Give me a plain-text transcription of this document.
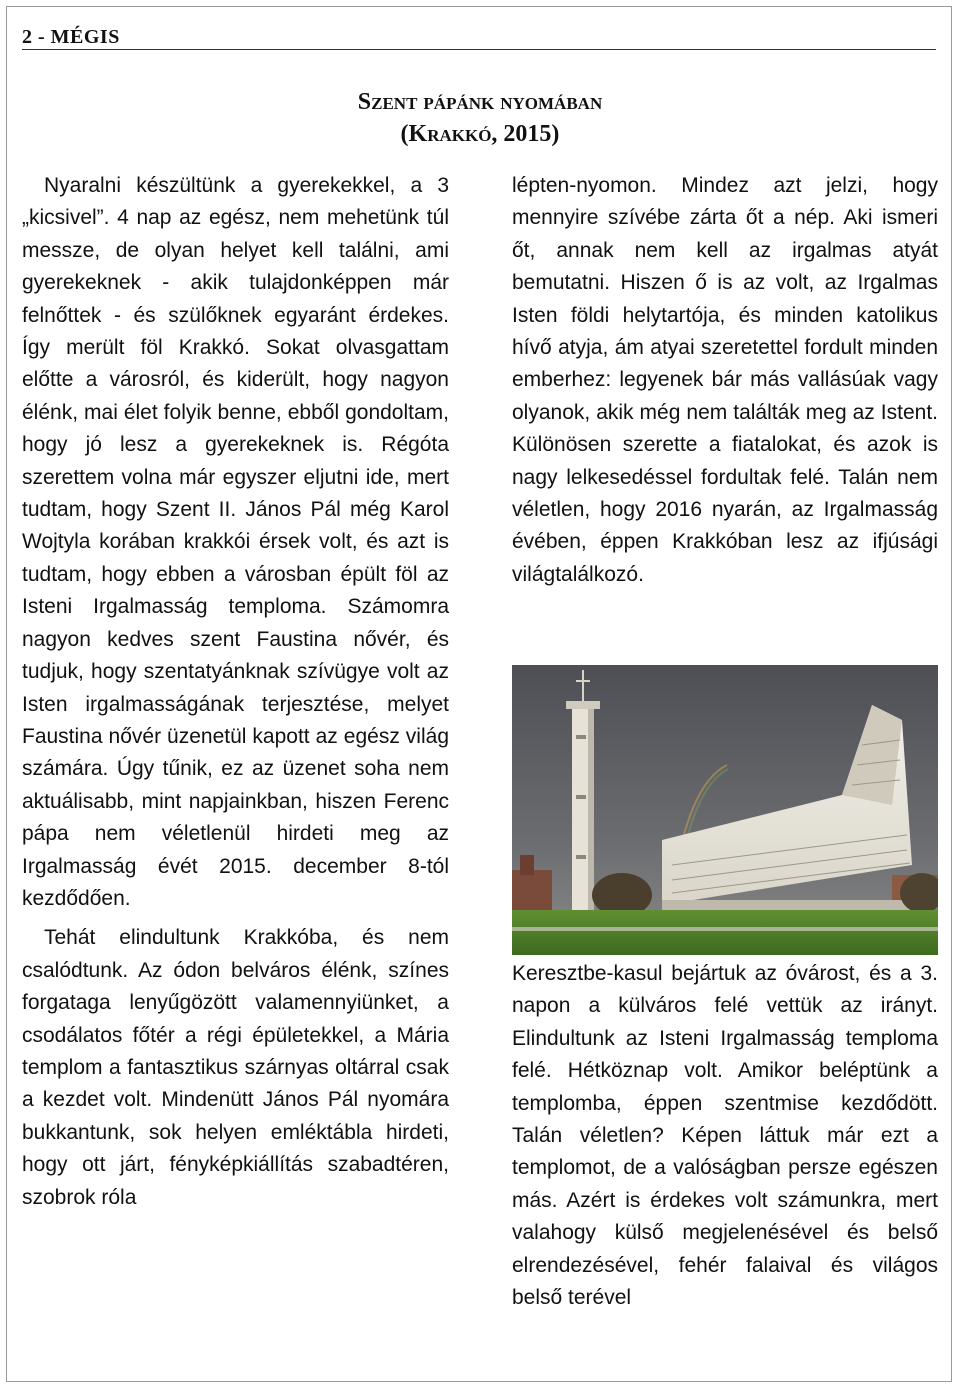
2 - MÉGIS
Szent pápánk nyomában
(Krakkó, 2015)

Nyaralni készültünk a gyerekekkel, a 3 „kicsivel”. 4 nap az egész, nem mehetünk túl messze, de olyan helyet kell találni, ami gyerekeknek - akik tulajdonképpen már felnőttek - és szülőknek egyaránt érdekes. Így merült föl Krakkó. Sokat olvasgattam előtte a városról, és kiderült, hogy nagyon élénk, mai élet folyik benne, ebből gondoltam, hogy jó lesz a gyerekeknek is. Régóta szerettem volna már egyszer eljutni ide, mert tudtam, hogy Szent II. János Pál még Karol Wojtyla korában krakkói érsek volt, és azt is tudtam, hogy ebben a városban épült föl az Isteni Irgalmasság temploma. Számomra nagyon kedves szent Faustina nővér, és tudjuk, hogy szentatyánknak szívügye volt az Isten irgalmasságának terjesztése, melyet Faustina nővér üzenetül kapott az egész világ számára. Úgy tűnik, ez az üzenet soha nem aktuálisabb, mint napjainkban, hiszen Ferenc pápa nem véletlenül hirdeti meg az Irgalmasság évét 2015. december 8-tól kezdődően.

Tehát elindultunk Krakkóba, és nem csalódtunk. Az ódon belváros élénk, színes forgataga lenyűgözött valamennyiünket, a csodálatos főtér a régi épületekkel, a Mária templom a fantasztikus szárnyas oltárral csak a kezdet volt. Mindenütt János Pál nyomára bukkantunk, sok helyen emléktábla hirdeti, hogy ott járt, fényképkiállítás szabadtéren, szobrok róla

lépten-nyomon. Mindez azt jelzi, hogy mennyire szívébe zárta őt a nép. Aki ismeri őt, annak nem kell az irgalmas atyát bemutatni. Hiszen ő is az volt, az Irgalmas Isten földi helytartója, és minden katolikus hívő atyja, ám atyai szeretettel fordult minden emberhez: legyenek bár más vallásúak vagy olyanok, akik még nem találták meg az Istent. Különösen szerette a fiatalokat, és azok is nagy lelkesedéssel fordultak felé. Talán nem véletlen, hogy 2016 nyarán, az Irgalmasság évében, éppen Krakkóban lesz az ifjúsági világtalálkozó.

Keresztbe-kasul bejártuk az óvárost, és a 3. napon a külváros felé vettük az irányt. Elindultunk az Isteni Irgalmasság temploma felé. Hétköznap volt. Amikor beléptünk a templomba, éppen szentmise kezdődött. Talán véletlen? Képen láttuk már ezt a templomot, de a valóságban persze egészen más. Azért is érdekes volt számunkra, mert valahogy külső megjelenésével és belső elrendezésével, fehér falaival és világos belső terével
